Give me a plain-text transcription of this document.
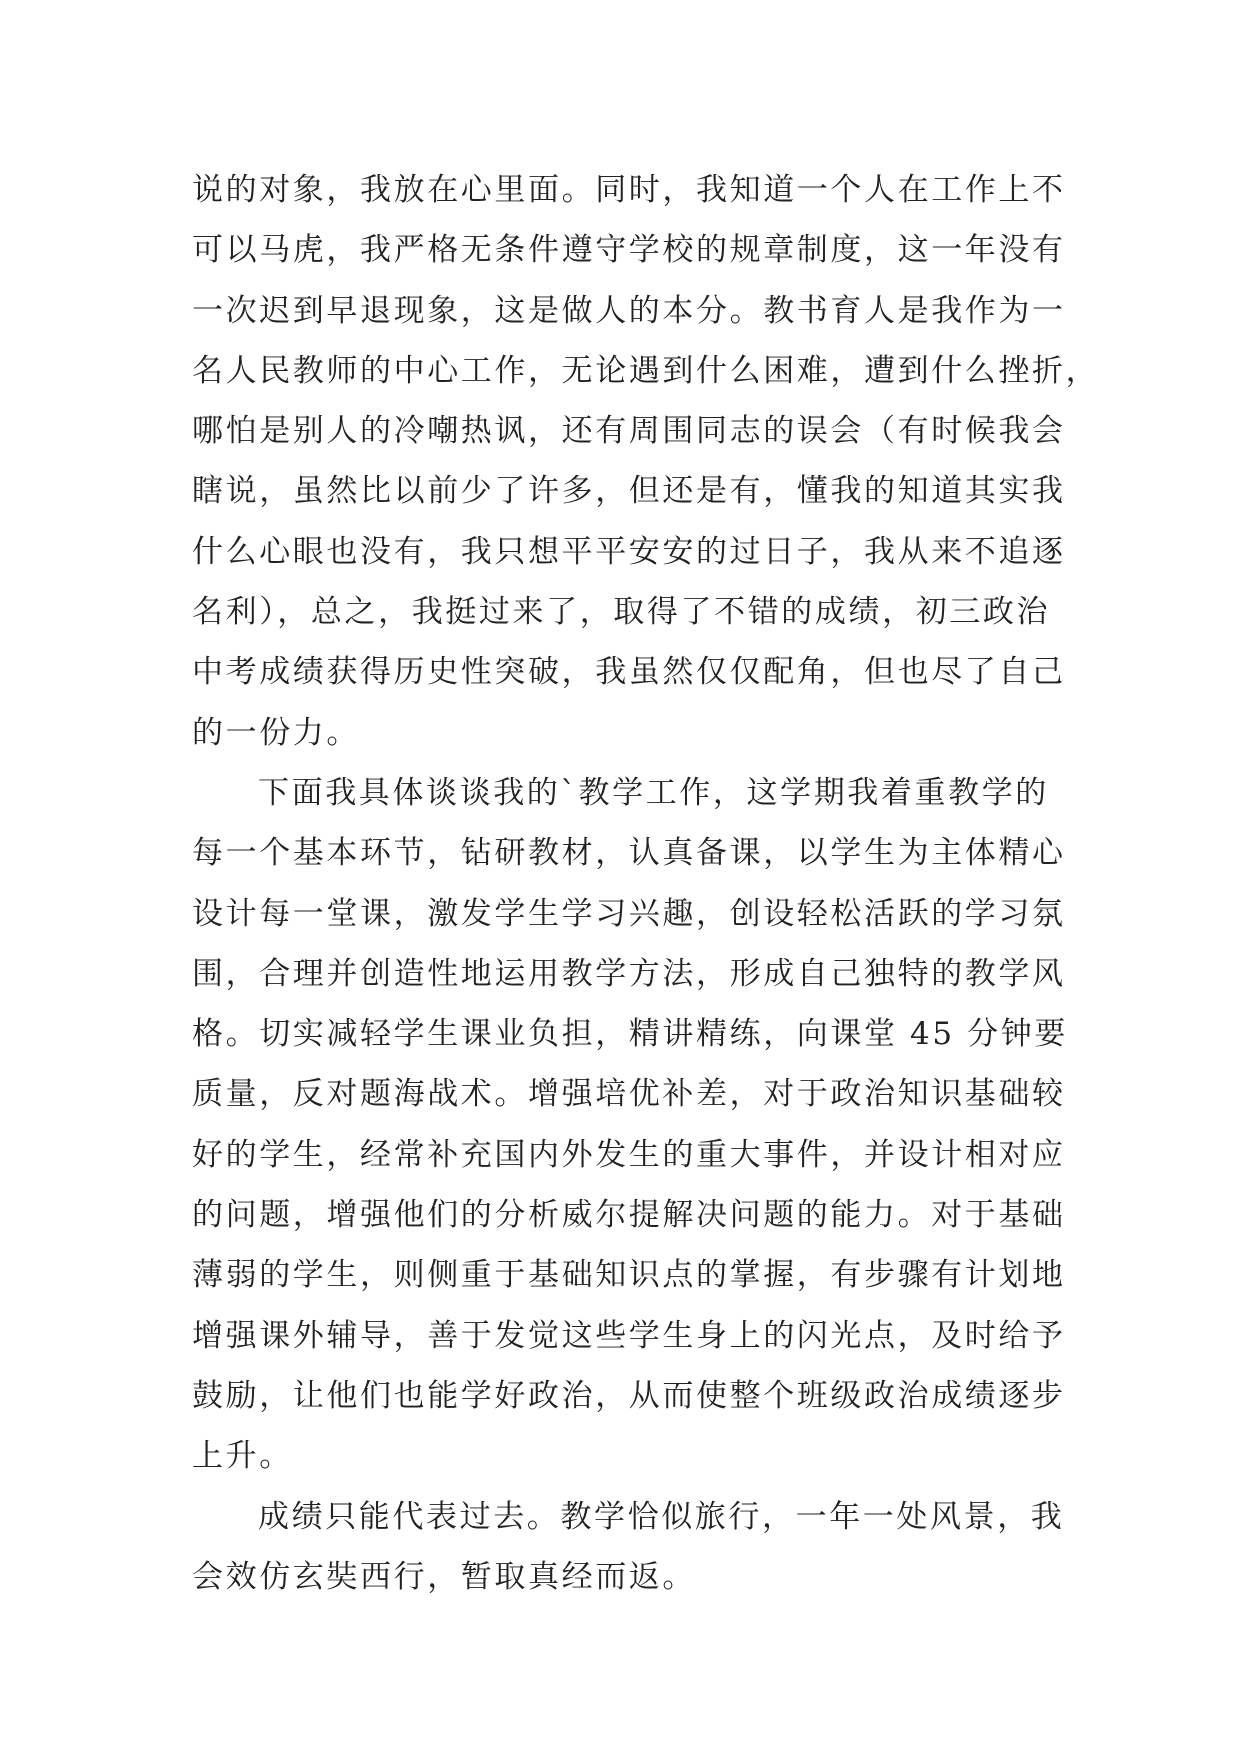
说的对象，我放在心里面。同时，我知道一个人在工作上不
可以马虎，我严格无条件遵守学校的规章制度，这一年没有
一次迟到早退现象，这是做人的本分。教书育人是我作为一
名人民教师的中心工作，无论遇到什么困难，遭到什么挫折，
哪怕是别人的冷嘲热讽，还有周围同志的误会（有时候我会
瞎说，虽然比以前少了许多，但还是有，懂我的知道其实我
什么心眼也没有，我只想平平安安的过日子，我从来不追逐
名利），总之，我挺过来了，取得了不错的成绩，初三政治
中考成绩获得历史性突破，我虽然仅仅配角，但也尽了自己
的一份力。
下面我具体谈谈我的`教学工作，这学期我着重教学的
每一个基本环节，钻研教材，认真备课，以学生为主体精心
设计每一堂课，激发学生学习兴趣，创设轻松活跃的学习氛
围，合理并创造性地运用教学方法，形成自己独特的教学风
格。切实减轻学生课业负担，精讲精练，向课堂 45 分钟要
质量，反对题海战术。增强培优补差，对于政治知识基础较
好的学生，经常补充国内外发生的重大事件，并设计相对应
的问题，增强他们的分析威尔提解决问题的能力。对于基础
薄弱的学生，则侧重于基础知识点的掌握，有步骤有计划地
增强课外辅导，善于发觉这些学生身上的闪光点，及时给予
鼓励，让他们也能学好政治，从而使整个班级政治成绩逐步
上升。
成绩只能代表过去。教学恰似旅行，一年一处风景，我
会效仿玄奘西行，暂取真经而返。
